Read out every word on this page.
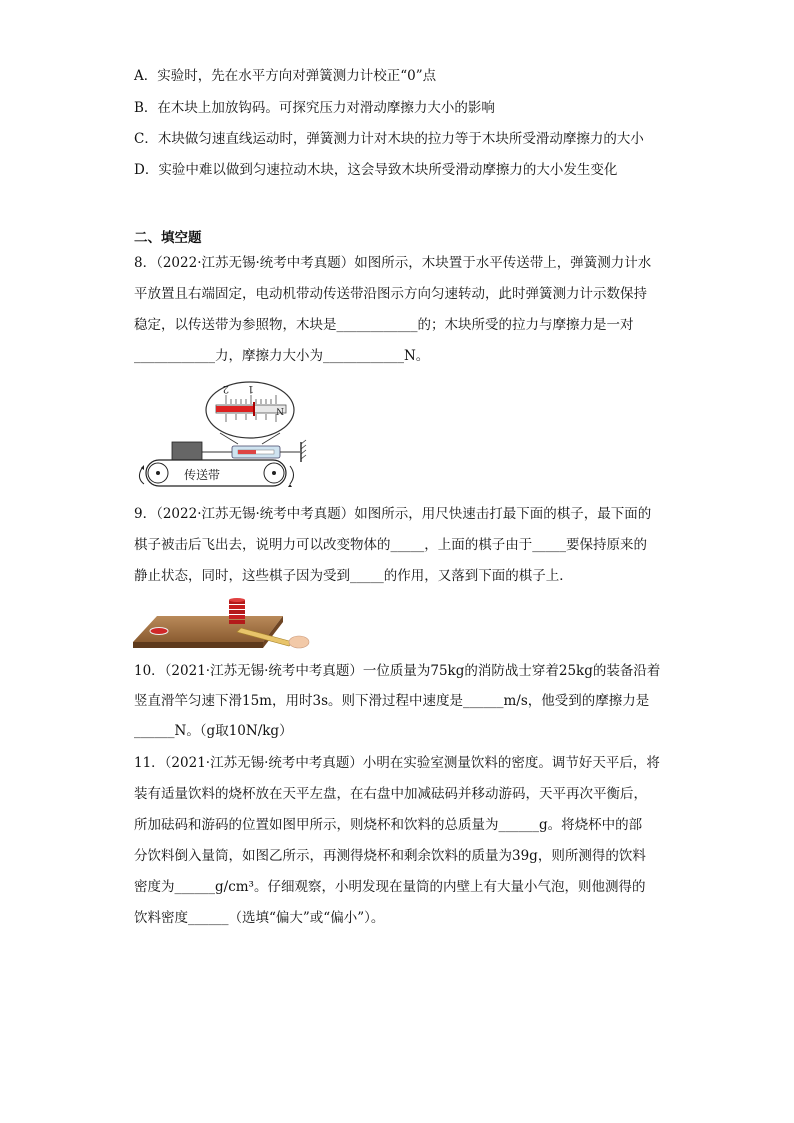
A．实验时，先在水平方向对弹簧测力计校正“0”点
B．在木块上加放钩码。可探究压力对滑动摩擦力大小的影响
C．木块做匀速直线运动时，弹簧测力计对木块的拉力等于木块所受滑动摩擦力的大小
D．实验中难以做到匀速拉动木块，这会导致木块所受滑动摩擦力的大小发生变化
二、填空题
8．（2022·江苏无锡·统考中考真题）如图所示，木块置于水平传送带上，弹簧测力计水
平放置且右端固定，电动机带动传送带沿图示方向匀速转动，此时弹簧测力计示数保持
稳定，以传送带为参照物，木块是____________的；木块所受的拉力与摩擦力是一对
____________力，摩擦力大小为____________N。
2 1
N
传送带
9．（2022·江苏无锡·统考中考真题）如图所示，用尺快速击打最下面的棋子，最下面的
棋子被击后飞出去，说明力可以改变物体的_____，上面的棋子由于_____要保持原来的
静止状态，同时，这些棋子因为受到_____的作用，又落到下面的棋子上．
10．（2021·江苏无锡·统考中考真题）一位质量为75kg的消防战士穿着25kg的装备沿着
竖直滑竿匀速下滑15m，用时3s。则下滑过程中速度是______m/s，他受到的摩擦力是
______N。（g取10N/kg）
11．（2021·江苏无锡·统考中考真题）小明在实验室测量饮料的密度。调节好天平后，将
装有适量饮料的烧杯放在天平左盘，在右盘中加减砝码并移动游码，天平再次平衡后，
所加砝码和游码的位置如图甲所示，则烧杯和饮料的总质量为______g。将烧杯中的部
分饮料倒入量筒，如图乙所示，再测得烧杯和剩余饮料的质量为39g，则所测得的饮料
密度为______g/cm³。仔细观察，小明发现在量筒的内壁上有大量小气泡，则他测得的
饮料密度______（选填“偏大”或“偏小”）。
